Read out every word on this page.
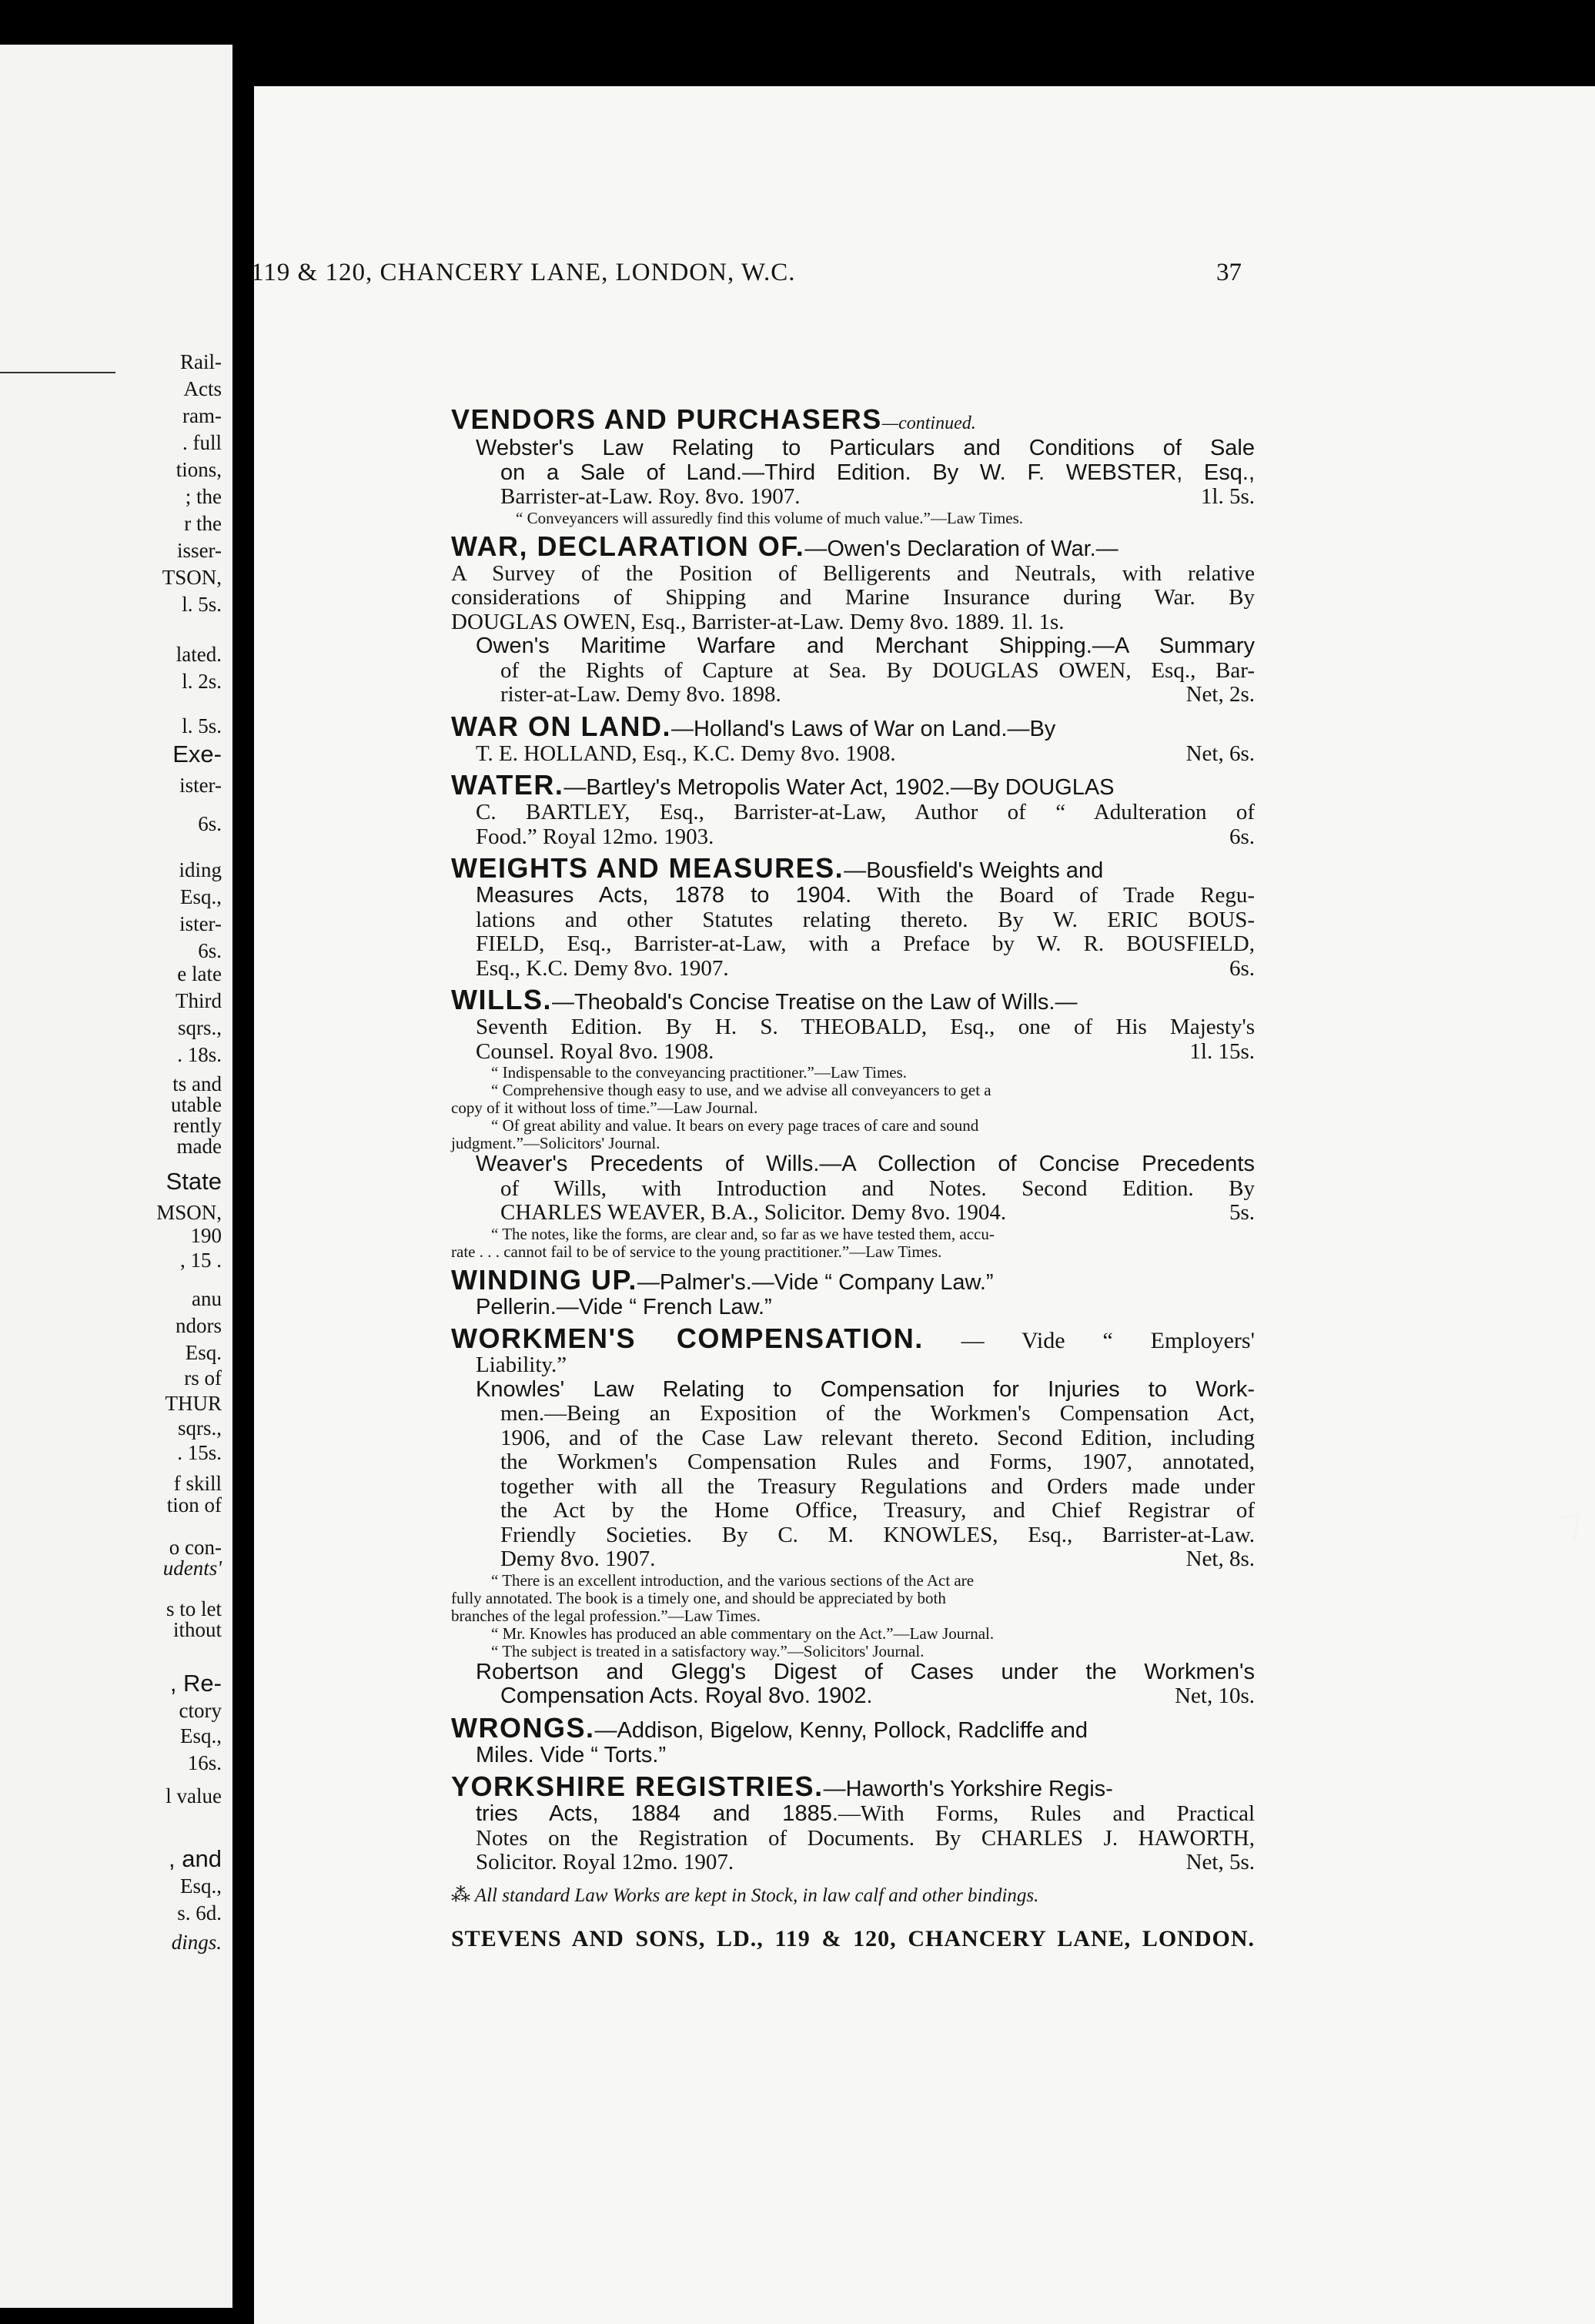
Rail-
Acts
ram-
. full
tions,
; the
r the
isser-
TSON,
l. 5s.
lated.
l. 2s.
l. 5s.
Exe-
ister-
6s.
iding
Esq.,
ister-
6s.
e late
Third
sqrs.,
. 18s.
ts and
utable
rently
made
State
MSON,
190
, 15 .
anu
ndors
Esq.
rs of
THUR
sqrs.,
. 15s.
f skill
tion of
o con-
udents'
s to let
ithout
, Re-
ctory
Esq.,
16s.
l value
, and
Esq.,
s. 6d.
dings.
119 & 120, CHANCERY LANE, LONDON, W.C.	37
VENDORS AND PURCHASERS—continued.
Webster's Law Relating to Particulars and Conditions of Sale
on a Sale of Land.—Third Edition. By W. F. WEBSTER, Esq.,
Barrister-at-Law. Roy. 8vo. 1907.	1l. 5s.
“ Conveyancers will assuredly find this volume of much value.”—Law Times.
WAR, DECLARATION OF.—Owen's Declaration of War.—
A Survey of the Position of Belligerents and Neutrals, with relative
considerations of Shipping and Marine Insurance during War. By
DOUGLAS OWEN, Esq., Barrister-at-Law. Demy 8vo. 1889. 1l. 1s.
Owen's Maritime Warfare and Merchant Shipping.—A Summary
of the Rights of Capture at Sea. By DOUGLAS OWEN, Esq., Bar-
rister-at-Law. Demy 8vo. 1898.	Net, 2s.
WAR ON LAND.—Holland's Laws of War on Land.—By
T. E. HOLLAND, Esq., K.C. Demy 8vo. 1908.	Net, 6s.
WATER.—Bartley's Metropolis Water Act, 1902.—By DOUGLAS
C. BARTLEY, Esq., Barrister-at-Law, Author of “ Adulteration of
Food.” Royal 12mo. 1903.	6s.
WEIGHTS AND MEASURES.—Bousfield's Weights and
Measures Acts, 1878 to 1904. With the Board of Trade Regu-
lations and other Statutes relating thereto. By W. ERIC BOUS-
FIELD, Esq., Barrister-at-Law, with a Preface by W. R. BOUSFIELD,
Esq., K.C. Demy 8vo. 1907.	6s.
WILLS.—Theobald's Concise Treatise on the Law of Wills.—
Seventh Edition. By H. S. THEOBALD, Esq., one of His Majesty's
Counsel. Royal 8vo. 1908.	1l. 15s.
“ Indispensable to the conveyancing practitioner.”—Law Times.
“ Comprehensive though easy to use, and we advise all conveyancers to get a
copy of it without loss of time.”—Law Journal.
“ Of great ability and value. It bears on every page traces of care and sound
judgment.”—Solicitors' Journal.
Weaver's Precedents of Wills.—A Collection of Concise Precedents
of Wills, with Introduction and Notes. Second Edition. By
CHARLES WEAVER, B.A., Solicitor. Demy 8vo. 1904.	5s.
“ The notes, like the forms, are clear and, so far as we have tested them, accu-
rate . . . cannot fail to be of service to the young practitioner.”—Law Times.
WINDING UP.—Palmer's.—Vide “ Company Law.”
Pellerin.—Vide “ French Law.”
WORKMEN'S COMPENSATION. — Vide “ Employers'
Liability.”
Knowles' Law Relating to Compensation for Injuries to Work-
men.—Being an Exposition of the Workmen's Compensation Act,
1906, and of the Case Law relevant thereto. Second Edition, including
the Workmen's Compensation Rules and Forms, 1907, annotated,
together with all the Treasury Regulations and Orders made under
the Act by the Home Office, Treasury, and Chief Registrar of
Friendly Societies. By C. M. KNOWLES, Esq., Barrister-at-Law.
Demy 8vo. 1907.	Net, 8s.
“ There is an excellent introduction, and the various sections of the Act are
fully annotated. The book is a timely one, and should be appreciated by both
branches of the legal profession.”—Law Times.
“ Mr. Knowles has produced an able commentary on the Act.”—Law Journal.
“ The subject is treated in a satisfactory way.”—Solicitors' Journal.
Robertson and Glegg's Digest of Cases under the Workmen's
Compensation Acts. Royal 8vo. 1902.	Net, 10s.
WRONGS.—Addison, Bigelow, Kenny, Pollock, Radcliffe and
Miles. Vide “ Torts.”
YORKSHIRE REGISTRIES.—Haworth's Yorkshire Regis-
tries Acts, 1884 and 1885.—With Forms, Rules and Practical
Notes on the Registration of Documents. By CHARLES J. HAWORTH,
Solicitor. Royal 12mo. 1907.	Net, 5s.
⁂ All standard Law Works are kept in Stock, in law calf and other bindings.
STEVENS AND SONS, LD., 119 & 120, CHANCERY LANE, LONDON.
